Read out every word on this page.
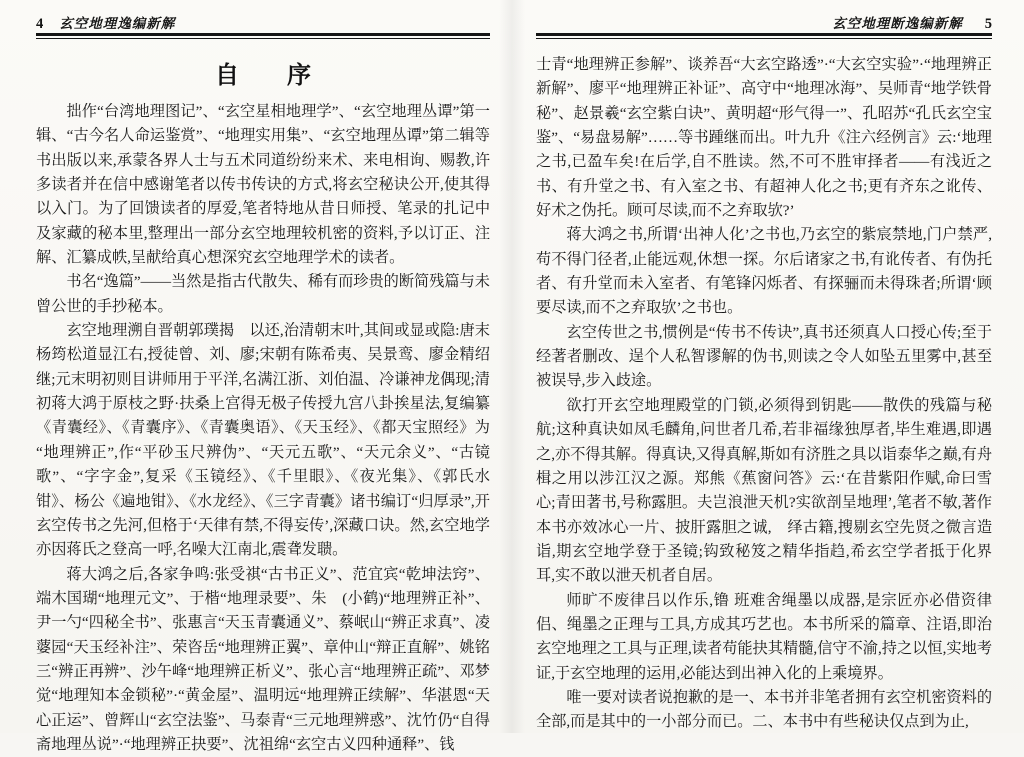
4 玄空地理逸编新解
自　　序

拙作“台湾地理图记”、“玄空星相地理学”、“玄空地理丛谭”第一辑、“古今名人命运鉴赏”、“地理实用集”、“玄空地理丛谭”第二辑等书出版以来,承蒙各界人士与五术同道纷纷来术、来电相询、赐教,许多读者并在信中感谢笔者以传书传诀的方式,将玄空秘诀公开,使其得以入门。为了回馈读者的厚爱,笔者特地从昔日师授、笔录的扎记中及家藏的秘本里,整理出一部分玄空地理较机密的资料,予以订正、注解、汇纂成帙,呈献给真心想深究玄空地理学术的读者。

书名“逸篇”——当然是指古代散失、稀有而珍贵的断简残篇与未曾公世的手抄秘本。

玄空地理溯自晋朝郭璞揭　以还,治清朝末叶,其间或显或隐:唐末杨筠松道显江右,授徒曾、刘、廖;宋朝有陈希夷、吴景鸾、廖金精绍继;元末明初则目讲师用于平洋,名满江浙、刘伯温、冷谦神龙偶现;清初蒋大鸿于原枝之野·扶桑上宫得无极子传授九宫八卦挨星法,复编纂《青囊经》、《青囊序》、《青囊奥语》、《天玉经》、《都天宝照经》为“地理辨正”,作“平砂玉尺辨伪”、“天元五歌”、“天元余义”、“古镜歌”、“字字金”,复采《玉镜经》、《千里眼》、《夜光集》、《郭氏水钳》、杨公《遍地钳》、《水龙经》、《三字青囊》诸书编订“归厚录”,开玄空传书之先河,但格于‘天律有禁,不得妄传’,深藏口诀。然,玄空地学亦因蒋氏之登高一呼,名噪大江南北,震聋发聩。

蒋大鸿之后,各家争鸣:张受祺“古书正义”、范宜宾“乾坤法窍”、端木国瑚“地理元文”、于楷“地理录要”、朱　(小鹤)“地理辨正补”、尹一勺“四秘全书”、张惠言“天玉青囊通义”、蔡岷山“辨正求真”、凌蔢园“天玉经补注”、荣咨岳“地理辨正翼”、章仲山“辩正直解”、姚铭三“辨正再辨”、沙午峰“地理辨正析义”、张心言“地理辨正疏”、邓梦觉“地理知本金锁秘”·“黄金屋”、温明远“地理辨正续解”、华湛恩“天心正运”、曾辉山“玄空法鉴”、马泰青“三元地理辨惑”、沈竹仍“自得斋地理丛说”·“地理辨正抉要”、沈祖绵“玄空古义四种通释”、钱

玄空地理断逸编新解 5

士青“地理辨正参解”、谈养吾“大玄空路透”·“大玄空实验”·“地理辨正新解”、廖平“地理辨正补证”、高守中“地理冰海”、吴师青“地学铁骨秘”、赵景羲“玄空紫白诀”、黄明超“形气得一”、孔昭苏“孔氏玄空宝鉴”、“易盘易解”……等书踵继而出。叶九升《注六经例言》云:‘地理之书,已盈车矣!在后学,自不胜读。然,不可不胜审择者——有浅近之书、有升堂之书、有入室之书、有超神人化之书;更有齐东之讹传、好术之伪托。顾可尽读,而不之弃取欤?’

蒋大鸿之书,所谓‘出神人化’之书也,乃玄空的紫宸禁地,门户禁严,苟不得门径者,止能远观,休想一探。尔后诸家之书,有讹传者、有伪托者、有升堂而未入室者、有笔锋闪烁者、有探骊而未得珠者;所谓‘顾要尽读,而不之弃取欤’之书也。

玄空传世之书,惯例是“传书不传诀”,真书还须真人口授心传;至于经著者删改、逞个人私智谬解的伪书,则读之令人如坠五里雾中,甚至被误导,步入歧途。

欲打开玄空地理殿堂的门锁,必须得到钥匙——散佚的残篇与秘航;这种真诀如凤毛麟角,问世者几希,若非福缘独厚者,毕生难遇,即遇之,亦不得其解。得真诀,又得真解,斯如有济胜之具以诣泰华之巅,有舟楫之用以涉江汉之源。郑熊《蕉窗问答》云:‘在昔紫阳作赋,命曰雪心;青田著书,号称露胆。夫岂浪泄天机?实欲剖呈地理’,笔者不敏,著作本书亦效冰心一片、披肝露胆之诚,　绎古籍,搜剔玄空先贤之微言造诣,期玄空地学登于圣镜;钩致秘笈之精华指趋,希玄空学者抵于化界耳,实不敢以泄天机者自居。

师旷不废律吕以作乐,镥 班难舍绳墨以成器,是宗匠亦必借资律侣、绳墨之正理与工具,方成其巧艺也。本书所采的篇章、注语,即治玄空地理之工具与正理,读者苟能抉其精髓,信守不渝,持之以恒,实地考证,于玄空地理的运用,必能达到出神入化的上乘境界。

唯一要对读者说抱歉的是一、本书并非笔者拥有玄空机密资料的全部,而是其中的一小部分而已。二、本书中有些秘诀仅点到为止,
